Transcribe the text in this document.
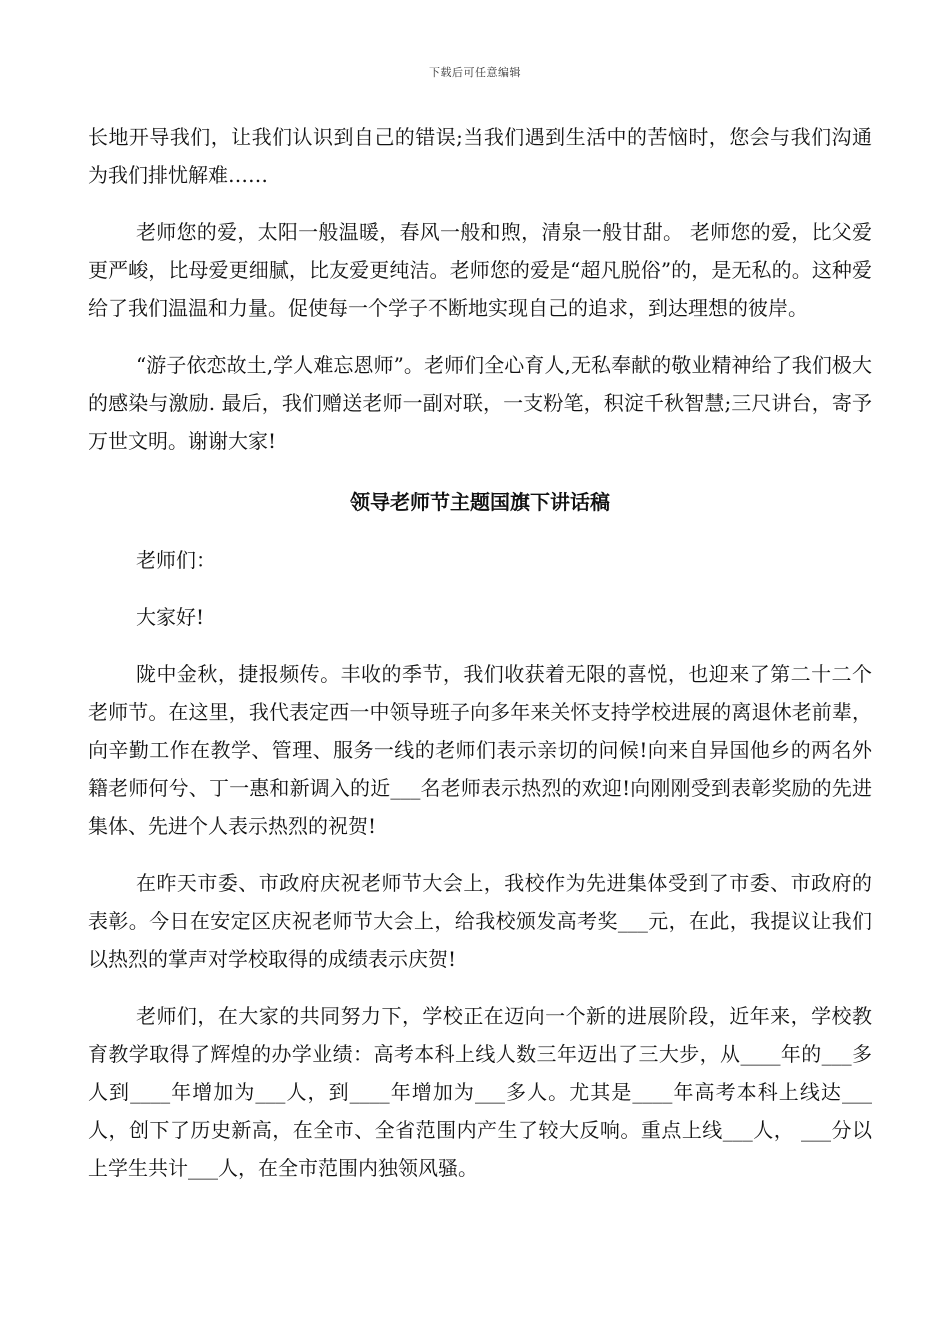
下载后可任意编辑

长地开导我们，让我们认识到自己的错误;当我们遇到生活中的苦恼时，您会与我们沟通为我们排忧解难……

老师您的爱，太阳一般温暖，春风一般和煦，清泉一般甘甜。 老师您的爱，比父爱更严峻，比母爱更细腻，比友爱更纯洁。老师您的爱是“超凡脱俗”的，是无私的。这种爱给了我们温温和力量。促使每一个学子不断地实现自己的追求，到达理想的彼岸。

“游子依恋故土,学人难忘恩师”。老师们全心育人,无私奉献的敬业精神给了我们极大的感染与激励. 最后，我们赠送老师一副对联，一支粉笔，积淀千秋智慧;三尺讲台，寄予万世文明。谢谢大家!

领导老师节主题国旗下讲话稿

老师们：

大家好!

陇中金秋，捷报频传。丰收的季节，我们收获着无限的喜悦，也迎来了第二十二个老师节。在这里，我代表定西一中领导班子向多年来关怀支持学校进展的离退休老前辈，向辛勤工作在教学、管理、服务一线的老师们表示亲切的问候!向来自异国他乡的两名外籍老师何兮、丁一惠和新调入的近___名老师表示热烈的欢迎!向刚刚受到表彰奖励的先进集体、先进个人表示热烈的祝贺!

在昨天市委、市政府庆祝老师节大会上，我校作为先进集体受到了市委、市政府的表彰。今日在安定区庆祝老师节大会上，给我校颁发高考奖___元，在此，我提议让我们以热烈的掌声对学校取得的成绩表示庆贺!

老师们，在大家的共同努力下，学校正在迈向一个新的进展阶段，近年来，学校教育教学取得了辉煌的办学业绩：高考本科上线人数三年迈出了三大步，从____年的___多人到____年增加为___人，到____年增加为___多人。尤其是____年高考本科上线达___人，创下了历史新高，在全市、全省范围内产生了较大反响。重点上线___人， ___分以上学生共计___人，在全市范围内独领风骚。
